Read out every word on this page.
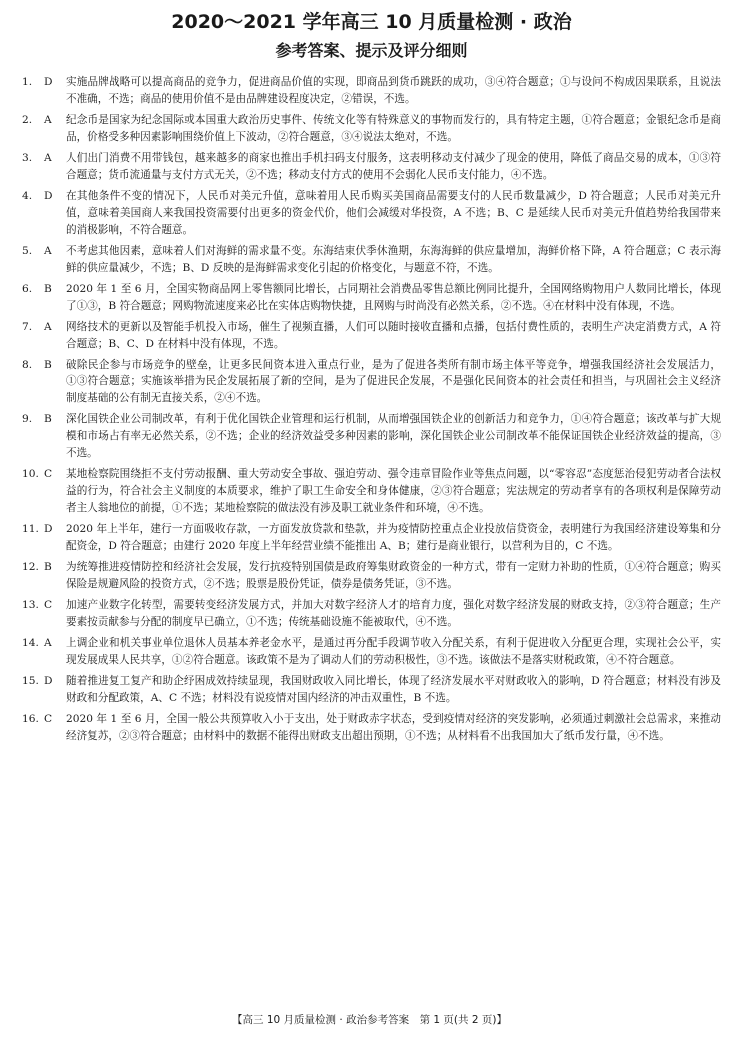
2020～2021 学年高三 10 月质量检测 · 政治
参考答案、提示及评分细则
1.	D	实施品牌战略可以提高商品的竞争力，促进商品价值的实现，即商品到货币跳跃的成功，③④符合题意；①与设问不构成因果联系，且说法不准确，不选；商品的使用价值不是由品牌建设程度决定，②错误，不选。
2.	A	纪念币是国家为纪念国际或本国重大政治历史事件、传统文化等有特殊意义的事物而发行的，具有特定主题，①符合题意；金银纪念币是商品，价格受多种因素影响围绕价值上下波动，②符合题意，③④说法太绝对，不选。
3.	A	人们出门消费不用带钱包，越来越多的商家也推出手机扫码支付服务，这表明移动支付减少了现金的使用，降低了商品交易的成本，①③符合题意；货币流通量与支付方式无关，②不选；移动支付方式的使用不会弱化人民币支付能力，④不选。
4.	D	在其他条件不变的情况下，人民币对美元升值，意味着用人民币购买美国商品需要支付的人民币数量减少，D 符合题意；人民币对美元升值，意味着美国商人来我国投资需要付出更多的资金代价，他们会减缓对华投资，A 不选；B、C 是延续人民币对美元升值趋势给我国带来的消极影响，不符合题意。
5.	A	不考虑其他因素，意味着人们对海鲜的需求量不变。东海结束伏季休渔期，东海海鲜的供应量增加，海鲜价格下降，A 符合题意；C 表示海鲜的供应量减少，不选；B、D 反映的是海鲜需求变化引起的价格变化，与题意不符，不选。
6.	B	2020 年 1 至 6 月，全国实物商品网上零售额同比增长，占同期社会消费品零售总额比例同比提升，全国网络购物用户人数同比增长，体现了①③，B 符合题意；网购物流速度来必比在实体店购物快捷，且网购与时尚没有必然关系，②不选。④在材料中没有体现，不选。
7.	A	网络技术的更新以及智能手机投入市场，催生了视频直播，人们可以随时接收直播和点播，包括付费性质的，表明生产决定消费方式，A 符合题意；B、C、D 在材料中没有体现，不选。
8.	B	破除民企参与市场竞争的壁垒，让更多民间资本进入重点行业，是为了促进各类所有制市场主体平等竞争，增强我国经济社会发展活力，①③符合题意；实施该举措为民企发展拓展了新的空间，是为了促进民企发展，不是强化民间资本的社会责任和担当，与巩固社会主义经济制度基础的公有制无直接关系，②④不选。
9.	B	深化国铁企业公司制改革，有利于优化国铁企业管理和运行机制，从而增强国铁企业的创新活力和竞争力，①④符合题意；该改革与扩大规模和市场占有率无必然关系，②不选；企业的经济效益受多种因素的影响，深化国铁企业公司制改革不能保证国铁企业经济效益的提高，③不选。
10. C	某地检察院围绕拒不支付劳动报酬、重大劳动安全事故、强迫劳动、强令违章冒险作业等焦点问题，以“零容忍”态度惩治侵犯劳动者合法权益的行为，符合社会主义制度的本质要求，维护了职工生命安全和身体健康，②③符合题意；宪法规定的劳动者享有的各项权利是保障劳动者主人翁地位的前提，①不选；某地检察院的做法没有涉及职工就业条件和环境，④不选。
11. D	2020 年上半年，建行一方面吸收存款，一方面发放贷款和垫款，并为疫情防控重点企业投放信贷资金，表明建行为我国经济建设筹集和分配资金，D 符合题意；由建行 2020 年度上半年经营业绩不能推出 A、B；建行是商业银行，以营利为目的，C 不选。
12. B	为统筹推进疫情防控和经济社会发展，发行抗疫特别国债是政府筹集财政资金的一种方式，带有一定财力补助的性质，①④符合题意；购买保险是规避风险的投资方式，②不选；股票是股份凭证，债券是债务凭证，③不选。
13. C	加速产业数字化转型，需要转变经济发展方式，并加大对数字经济人才的培育力度，强化对数字经济发展的财政支持，②③符合题意；生产要素按贡献参与分配的制度早已确立，①不选；传统基础设施不能被取代，④不选。
14. A	上调企业和机关事业单位退休人员基本养老金水平，是通过再分配手段调节收入分配关系，有利于促进收入分配更合理，实现社会公平，实现发展成果人民共享，①②符合题意。该政策不是为了调动人们的劳动积极性，③不选。该做法不是落实财税政策，④不符合题意。
15. D	随着推进复工复产和助企纾困成效持续显现，我国财政收入同比增长，体现了经济发展水平对财政收入的影响，D 符合题意；材料没有涉及财政和分配政策，A、C 不选；材料没有说疫情对国内经济的冲击双重性，B 不选。
16. C	2020 年 1 至 6 月，全国一般公共预算收入小于支出，处于财政赤字状态，受到疫情对经济的突发影响，必须通过刺激社会总需求，来推动经济复苏，②③符合题意；由材料中的数据不能得出财政支出超出预期，①不选；从材料看不出我国加大了纸币发行量，④不选。
【高三 10 月质量检测 · 政治参考答案　第 1 页(共 2 页)】
